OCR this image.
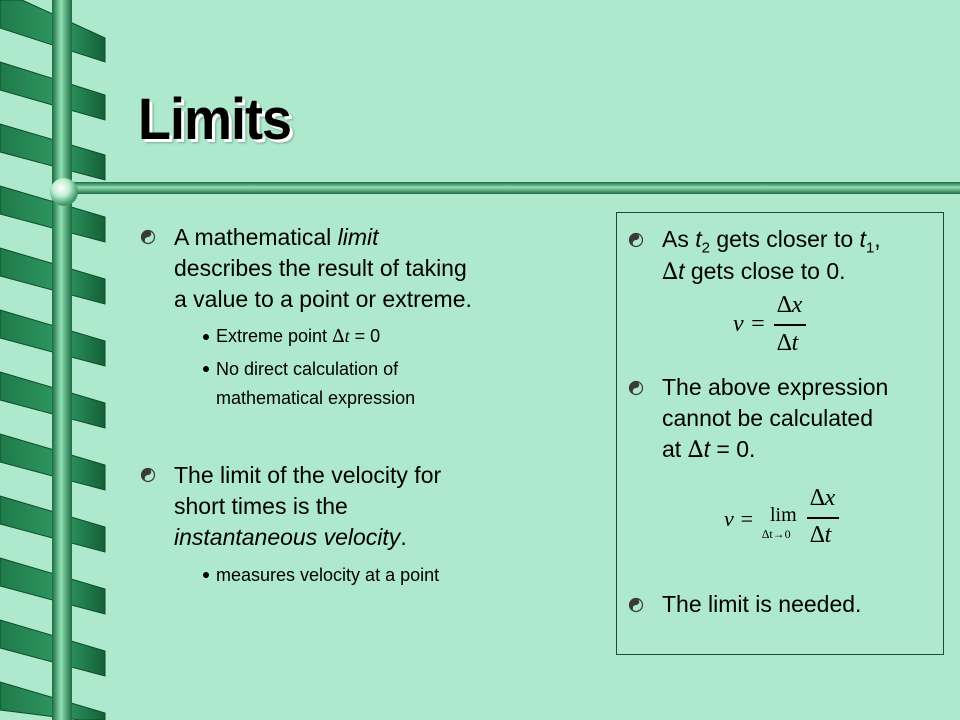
Limits
A mathematical limit
describes the result of taking
a value to a point or extreme.
Extreme point ∆t = 0
No direct calculation of
mathematical expression
The limit of the velocity for
short times is the
instantaneous velocity.
measures velocity at a point
As $t_2$ gets closer to $t_1$,
∆t gets close to 0.
v =
∆x
∆t
The above expression
cannot be calculated
at ∆t = 0.
v = lim
∆t→0
∆x
∆t
The limit is needed.
